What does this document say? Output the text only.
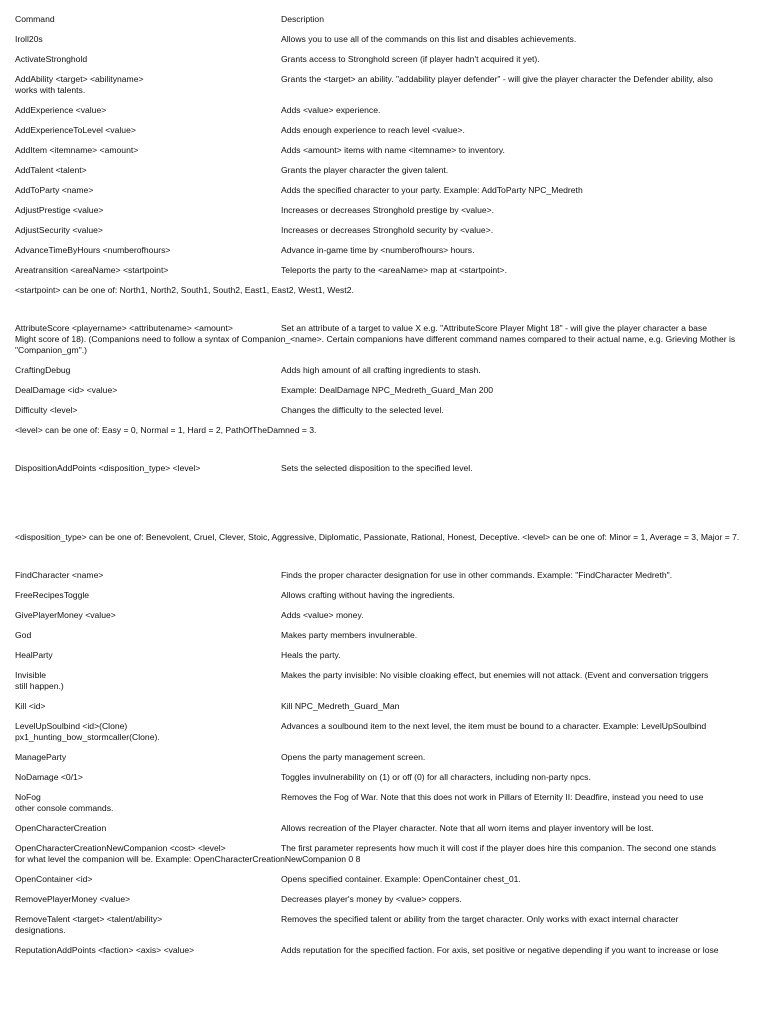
Command	Description
Iroll20s	Allows you to use all of the commands on this list and disables achievements.
ActivateStronghold	Grants access to Stronghold screen (if player hadn't acquired it yet).
AddAbility <target> <abilityname>	Grants the <target> an ability. "addability player defender" - will give the player character the Defender ability, also
works with talents.
AddExperience <value>	Adds <value> experience.
AddExperienceToLevel <value>	Adds enough experience to reach level <value>.
AddItem <itemname> <amount>	Adds <amount> items with name <itemname> to inventory.
AddTalent <talent>	Grants the player character the given talent.
AddToParty <name>	Adds the specified character to your party. Example: AddToParty NPC_Medreth
AdjustPrestige <value>	Increases or decreases Stronghold prestige by <value>.
AdjustSecurity <value>	Increases or decreases Stronghold security by <value>.
AdvanceTimeByHours <numberofhours>	Advance in-game time by <numberofhours> hours.
Areatransition <areaName> <startpoint>	Teleports the party to the <areaName> map at <startpoint>.
<startpoint> can be one of: North1, North2, South1, South2, East1, East2, West1, West2.
AttributeScore <playername> <attributename> <amount>	Set an attribute of a target to value X e.g. "AttributeScore Player Might 18" - will give the player character a base
Might score of 18). (Companions need to follow a syntax of Companion_<name>. Certain companions have different command names compared to their actual name, e.g. Grieving Mother is "Companion_gm".)
CraftingDebug	Adds high amount of all crafting ingredients to stash.
DealDamage <id> <value>	Example: DealDamage NPC_Medreth_Guard_Man 200
Difficulty <level>	Changes the difficulty to the selected level.
<level> can be one of: Easy = 0, Normal = 1, Hard = 2, PathOfTheDamned = 3.
DispositionAddPoints <disposition_type> <level>	Sets the selected disposition to the specified level.
<disposition_type> can be one of: Benevolent, Cruel, Clever, Stoic, Aggressive, Diplomatic, Passionate, Rational, Honest, Deceptive. <level> can be one of: Minor = 1, Average = 3, Major = 7.
FindCharacter <name>	Finds the proper character designation for use in other commands. Example: "FindCharacter Medreth".
FreeRecipesToggle	Allows crafting without having the ingredients.
GivePlayerMoney <value>	Adds <value> money.
God	Makes party members invulnerable.
HealParty	Heals the party.
Invisible	Makes the party invisible: No visible cloaking effect, but enemies will not attack. (Event and conversation triggers
still happen.)
Kill <id>	Kill NPC_Medreth_Guard_Man
LevelUpSoulbind <id>(Clone)	Advances a soulbound item to the next level, the item must be bound to a character. Example: LevelUpSoulbind
px1_hunting_bow_stormcaller(Clone).
ManageParty	Opens the party management screen.
NoDamage <0/1>	Toggles invulnerability on (1) or off (0) for all characters, including non-party npcs.
NoFog	Removes the Fog of War. Note that this does not work in Pillars of Eternity II: Deadfire, instead you need to use
other console commands.
OpenCharacterCreation	Allows recreation of the Player character. Note that all worn items and player inventory will be lost.
OpenCharacterCreationNewCompanion <cost> <level>	The first parameter represents how much it will cost if the player does hire this companion. The second one stands
for what level the companion will be. Example: OpenCharacterCreationNewCompanion 0 8
OpenContainer <id>	Opens specified container. Example: OpenContainer chest_01.
RemovePlayerMoney <value>	Decreases player's money by <value> coppers.
RemoveTalent <target> <talent/ability>	Removes the specified talent or ability from the target character. Only works with exact internal character
designations.
ReputationAddPoints <faction> <axis> <value>	Adds reputation for the specified faction. For axis, set positive or negative depending if you want to increase or lose
